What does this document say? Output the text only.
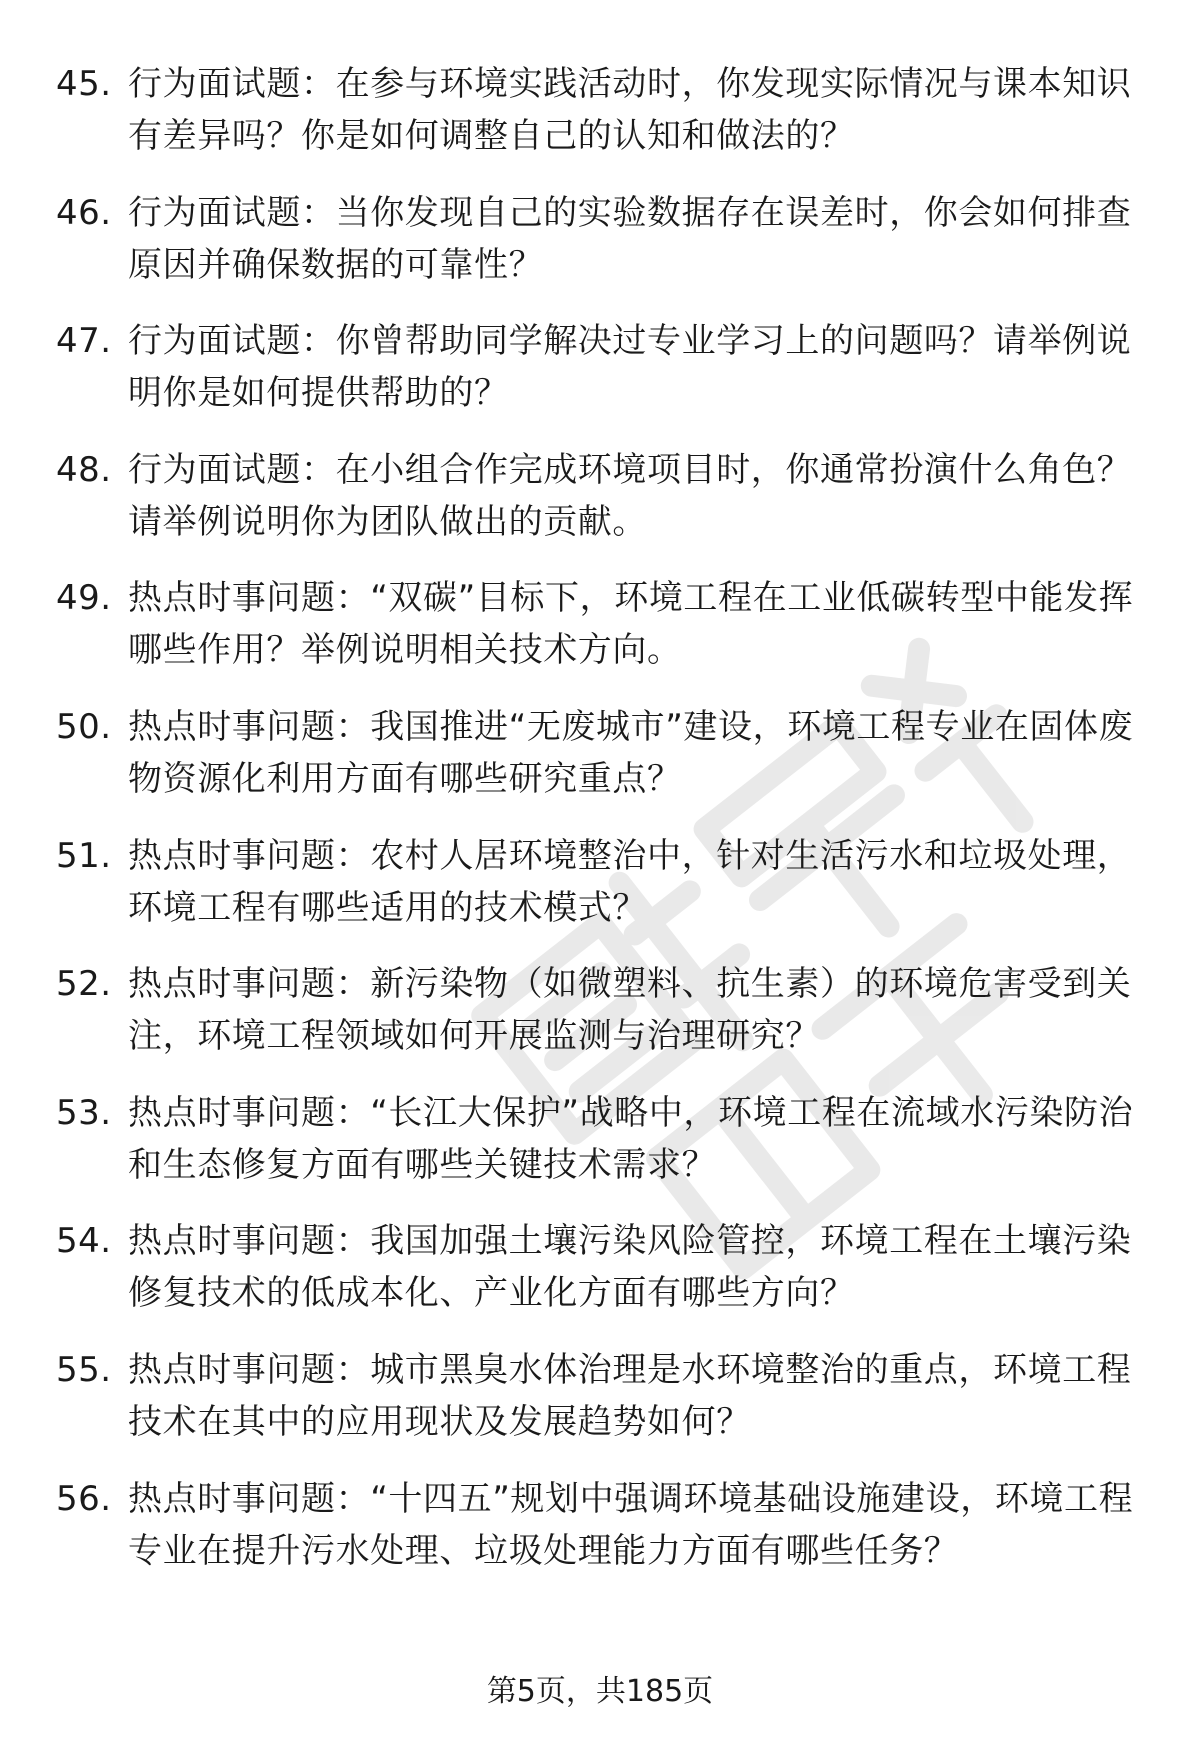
45. 行为面试题：在参与环境实践活动时，你发现实际情况与课本知识有差异吗？你是如何调整自己的认知和做法的？
46. 行为面试题：当你发现自己的实验数据存在误差时，你会如何排查原因并确保数据的可靠性？
47. 行为面试题：你曾帮助同学解决过专业学习上的问题吗？请举例说明你是如何提供帮助的？
48. 行为面试题：在小组合作完成环境项目时，你通常扮演什么角色？请举例说明你为团队做出的贡献。
49. 热点时事问题：“双碳”目标下，环境工程在工业低碳转型中能发挥哪些作用？举例说明相关技术方向。
50. 热点时事问题：我国推进“无废城市”建设，环境工程专业在固体废物资源化利用方面有哪些研究重点？
51. 热点时事问题：农村人居环境整治中，针对生活污水和垃圾处理，环境工程有哪些适用的技术模式？
52. 热点时事问题：新污染物（如微塑料、抗生素）的环境危害受到关注，环境工程领域如何开展监测与治理研究？
53. 热点时事问题：“长江大保护”战略中，环境工程在流域水污染防治和生态修复方面有哪些关键技术需求？
54. 热点时事问题：我国加强土壤污染风险管控，环境工程在土壤污染修复技术的低成本化、产业化方面有哪些方向？
55. 热点时事问题：城市黑臭水体治理是水环境整治的重点，环境工程技术在其中的应用现状及发展趋势如何？
56. 热点时事问题：“十四五”规划中强调环境基础设施建设，环境工程专业在提升污水处理、垃圾处理能力方面有哪些任务？
第5页，共185页
